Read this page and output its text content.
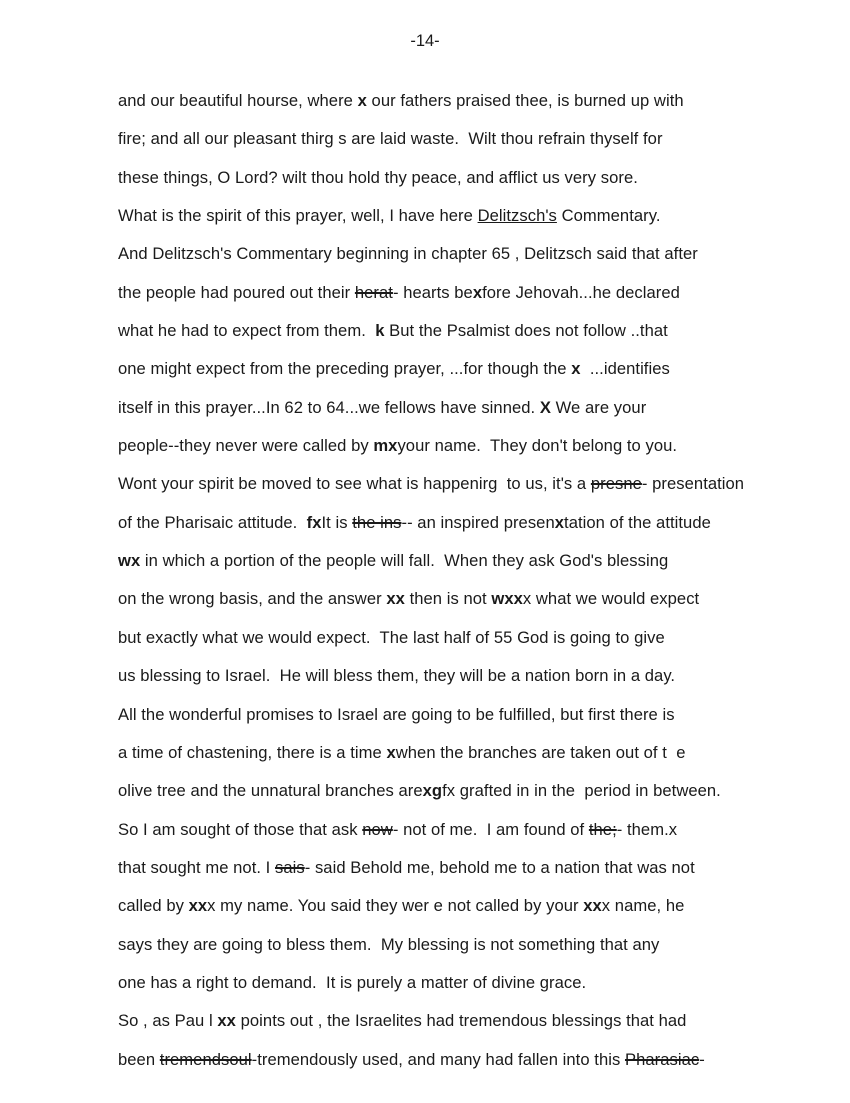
-14-
and our beautiful hourse, where x our fathers praised thee, is burned up with
fire; and all our pleasant thirg s are laid waste.  Wilt thou refrain thyself for
these things, O Lord? wilt thou hold thy peace, and afflict us very sore.
What is the spirit of this prayer, well, I have here Delitzsch's Commentary.
And Delitzsch's Commentary beginning in chapter 65 , Delitzsch said that after
the people had poured out their herat- hearts bexfore Jehovah...he declared
what he had to expect from them.  k But the Psalmist does not follow ..that
one might expect from the preceding prayer, ...for though the x  ...identifies
itself in this prayer...In 62 to 64...we fellows have sinned. X We are your
people--they never were called by mxyour name.  They don't belong to you.
Wont your spirit be moved to see what is happenirg  to us, it's a presne- presentation
of the Pharisaic attitude.  fxIt is the ins-- an inspired presenxtation of the attitude
wx in which a portion of the people will fall.  When they ask God's blessing
on the wrong basis, and the answer xx then is not wxxx what we would expect
but exactly what we would expect.  The last half of 55 God is going to give
us blessing to Israel.  He will bless them, they will be a nation born in a day.
All the wonderful promises to Israel are going to be fulfilled, but first there is
a time of chastening, there is a time xwhen the branches are taken out of t  e
olive tree and the unnatural branches arexgfx grafted in in the  period in between.
So I am sought of those that ask now- not of me.  I am found of the;- them.x
that sought me not. I sais- said Behold me, behold me to a nation that was not
called by xxx my name. You said they wer e not called by your xxx name, he
says they are going to bless them.  My blessing is not something that any
one has a right to demand.  It is purely a matter of divine grace.
So , as Pau l xx points out , the Israelites had tremendous blessings that had
been tremendsoul-tremendously used, and many had fallen into this Pharasiac-
